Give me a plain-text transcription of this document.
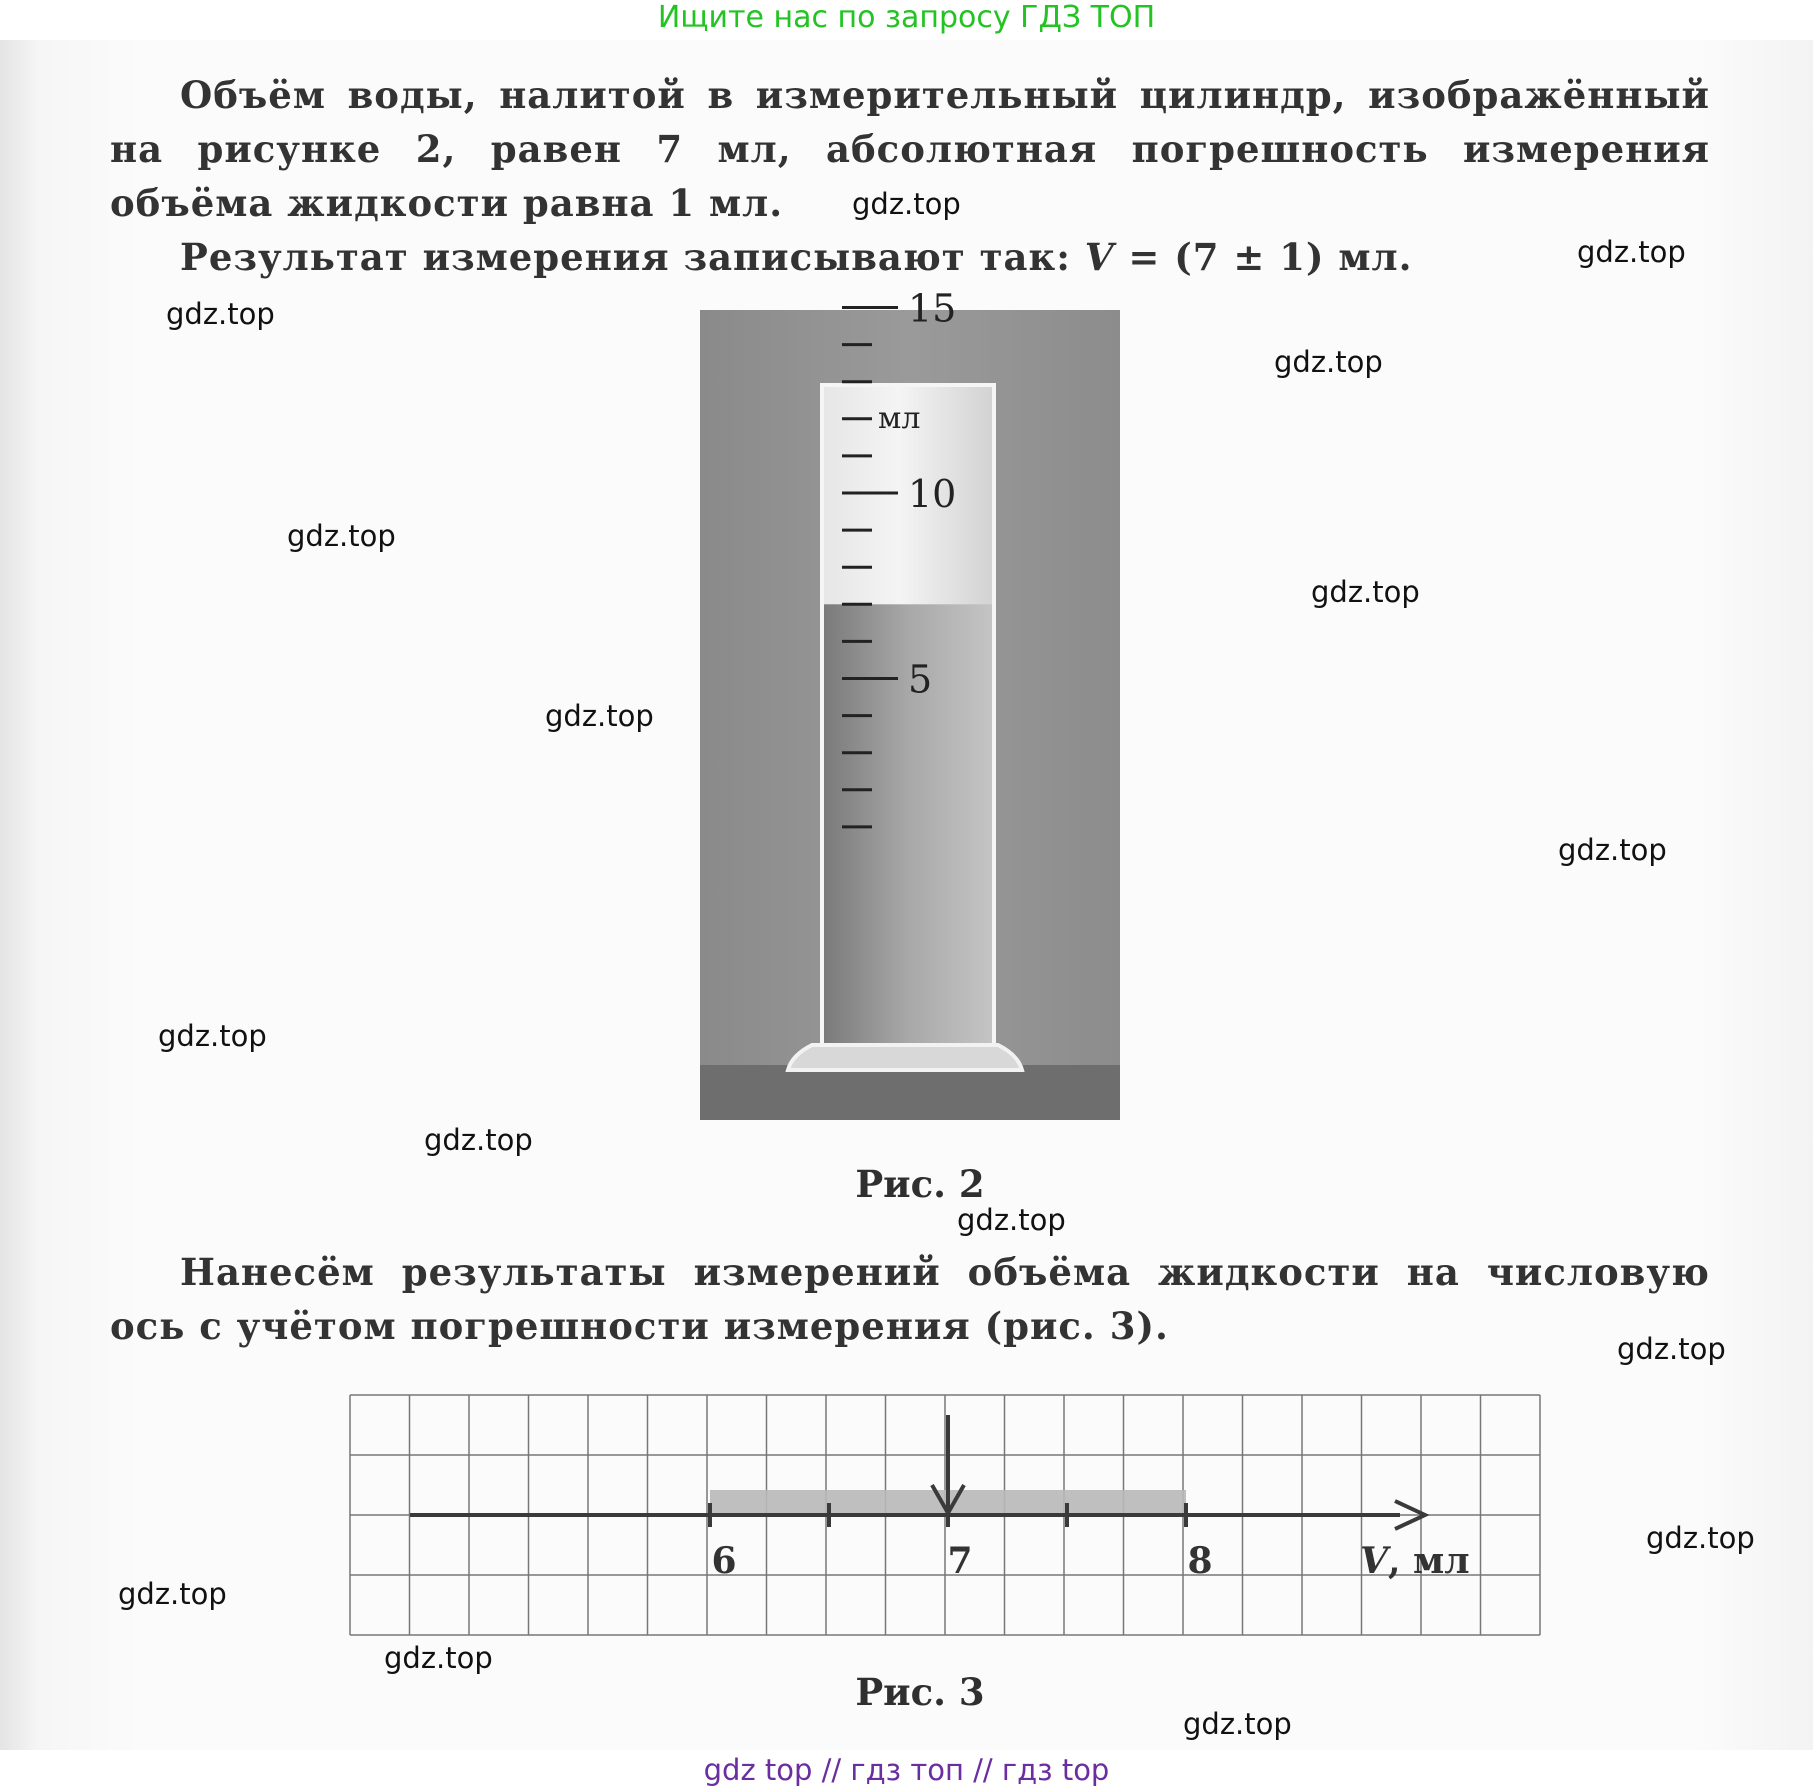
Ищите нас по запросу ГДЗ ТОП

Объём воды, налитой в измерительный цилиндр, изображённый на рисунке 2, равен 7 мл, абсолютная погрешность измерения объёма жидкости равна 1 мл.

Результат измерения записывают так: V = (7 ± 1) мл.

мл
15
10
5
Рис. 2

Нанесём результаты измерений объёма жидкости на числовую ось с учётом погрешности измерения (рис. 3).

6	7	8	V, мл
Рис. 3
gdz.top
gdz.top
gdz.top
gdz.top
gdz.top
gdz.top
gdz.top
gdz.top
gdz.top
gdz.top
gdz.top
gdz.top
gdz.top
gdz.top
gdz.top
gdz.top
gdz top // гдз топ // гдз top
